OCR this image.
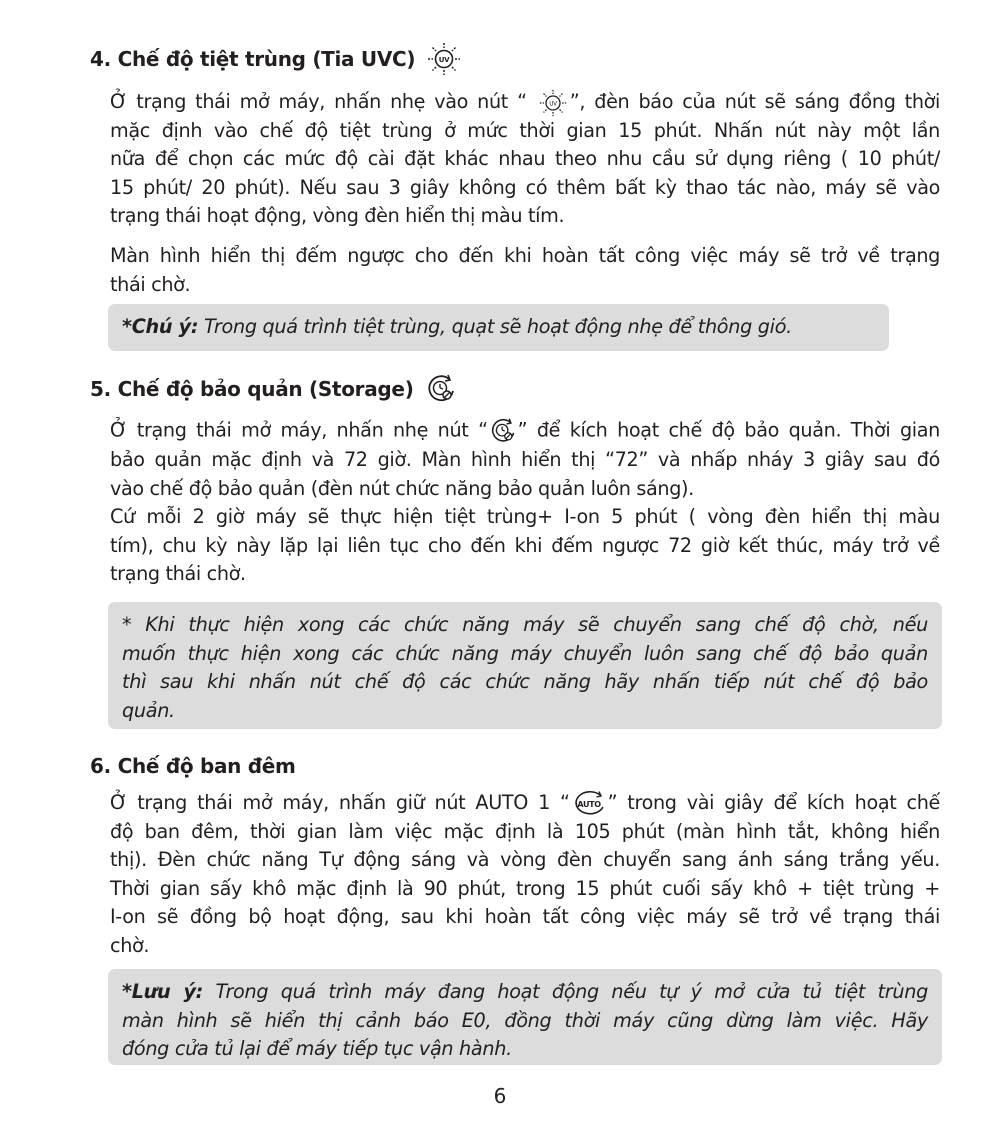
4. Chế độ tiệt trùng (Tia UVC)	UV
Ở trạng thái mở máy, nhấn nhẹ vào nút “ UV ”, đèn báo của nút sẽ sáng đồng thời
mặc định vào chế độ tiệt trùng ở mức thời gian 15 phút. Nhấn nút này một lần
nữa để chọn các mức độ cài đặt khác nhau theo nhu cầu sử dụng riêng ( 10 phút/
15 phút/ 20 phút). Nếu sau 3 giây không có thêm bất kỳ thao tác nào, máy sẽ vào
trạng thái hoạt động, vòng đèn hiển thị màu tím.
Màn hình hiển thị đếm ngược cho đến khi hoàn tất công việc máy sẽ trở về trạng
thái chờ.
*Chú ý: Trong quá trình tiệt trùng, quạt sẽ hoạt động nhẹ để thông gió.
5. Chế độ bảo quản (Storage)
Ở trạng thái mở máy, nhấn nhẹ nút “ ” để kích hoạt chế độ bảo quản. Thời gian
bảo quản mặc định và 72 giờ. Màn hình hiển thị “72” và nhấp nháy 3 giây sau đó
vào chế độ bảo quản (đèn nút chức năng bảo quản luôn sáng).
Cứ mỗi 2 giờ máy sẽ thực hiện tiệt trùng+ I-on 5 phút ( vòng đèn hiển thị màu
tím), chu kỳ này lặp lại liên tục cho đến khi đếm ngược 72 giờ kết thúc, máy trở về
trạng thái chờ.
* Khi thực hiện xong các chức năng máy sẽ chuyển sang chế độ chờ, nếu
muốn thực hiện xong các chức năng máy chuyển luôn sang chế độ bảo quản
thì sau khi nhấn nút chế độ các chức năng hãy nhấn tiếp nút chế độ bảo
quản.
6. Chế độ ban đêm
Ở trạng thái mở máy, nhấn giữ nút AUTO 1 “ AUTO ” trong vài giây để kích hoạt chế
độ ban đêm, thời gian làm việc mặc định là 105 phút (màn hình tắt, không hiển
thị). Đèn chức năng Tự động sáng và vòng đèn chuyển sang ánh sáng trắng yếu.
Thời gian sấy khô mặc định là 90 phút, trong 15 phút cuối sấy khô + tiệt trùng +
I-on sẽ đồng bộ hoạt động, sau khi hoàn tất công việc máy sẽ trở về trạng thái
chờ.
*Lưu ý: Trong quá trình máy đang hoạt động nếu tự ý mở cửa tủ tiệt trùng
màn hình sẽ hiển thị cảnh báo E0, đồng thời máy cũng dừng làm việc. Hãy
đóng cửa tủ lại để máy tiếp tục vận hành.
6
